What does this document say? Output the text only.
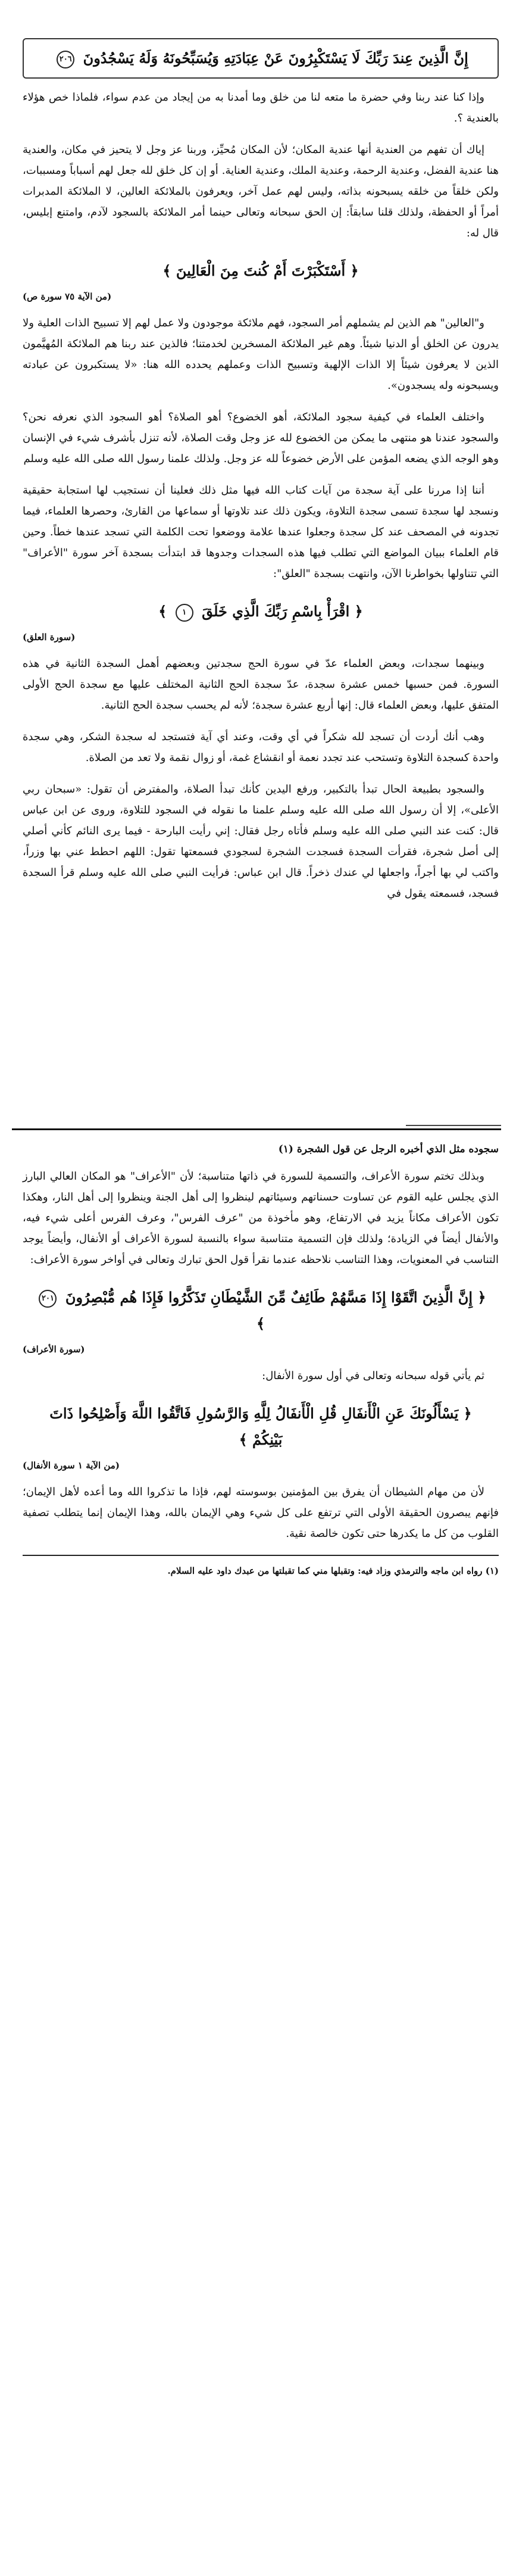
إِنَّ الَّذِينَ عِندَ رَبِّكَ لَا يَسْتَكْبِرُونَ عَنْ عِبَادَتِهِ وَيُسَبِّحُونَهُ وَلَهُ يَسْجُدُونَ ٢٠٦

وإذا كنا عند ربنا وفي حضرة ما متعه لنا من خلق وما أمدنا به من إيجاد من عدم سواء، فلماذا خص هؤلاء بالعندية ؟.

إياك أن تفهم من العندية أنها عندية المكان؛ لأن المكان مُحيِّز، وربنا عز وجل لا يتحيز في مكان، والعندية هنا عندية الفضل، وعندية الرحمة، وعندية الملك، وعندية العناية. أو إن كل خلق لله جعل لهم أسباباً ومسببات، ولكن خلقاً من خلقه يسبحونه بذاته، وليس لهم عمل آخر، ويعرفون بالملائكة العالين، لا الملائكة المدبرات أمراً أو الحفظة، ولذلك قلنا سابقاً: إن الحق سبحانه وتعالى حينما أمر الملائكة بالسجود لآدم، وامتنع إبليس، قال له:

﴿ أَسْتَكْبَرْتَ أَمْ كُنتَ مِنَ الْعَالِينَ ﴾
(من الآية ٧٥ سورة ص)

و"العالين" هم الذين لم يشملهم أمر السجود، فهم ملائكة موجودون ولا عمل لهم إلا تسبيح الذات العلية ولا يدرون عن الخلق أو الدنيا شيئاً. وهم غير الملائكة المسخرين لخدمتنا؛ فالذين عند ربنا هم الملائكة المُهيَّمون الذين لا يعرفون شيئاً إلا الذات الإلهية وتسبيح الذات وعملهم يحدده الله هنا: «لا يستكبرون عن عبادته ويسبحونه وله يسجدون».

واختلف العلماء في كيفية سجود الملائكة، أهو الخضوع؟ أهو الصلاة؟ أهو السجود الذي نعرفه نحن؟ والسجود عندنا هو منتهى ما يمكن من الخضوع لله عز وجل وقت الصلاة، لأنه تنزل بأشرف شيء في الإنسان وهو الوجه الذي يضعه المؤمن على الأرض خضوعاً لله عز وجل. ولذلك علمنا رسول الله صلى الله عليه وسلم

أننا إذا مررنا على آية سجدة من آيات كتاب الله فيها مثل ذلك فعلينا أن نستجيب لها استجابة حقيقية ونسجد لها سجدة تسمى سجدة التلاوة، ويكون ذلك عند تلاوتها أو سماعها من القارئ، وحصرها العلماء، فيما تجدونه في المصحف عند كل سجدة وجعلوا عندها علامة ووضعوا تحت الكلمة التي تسجد عندها خطاً. وحين قام العلماء ببيان المواضع التي تطلب فيها هذه السجدات وجدوها قد ابتدأت بسجدة آخر سورة "الأعراف" التي تتناولها بخواطرنا الآن، وانتهت بسجدة "العلق":

﴿ اقْرَأْ بِاسْمِ رَبِّكَ الَّذِي خَلَقَ ١ ﴾
(سورة العلق)

وبينهما سجدات، وبعض العلماء عدّ في سورة الحج سجدتين وبعضهم أهمل السجدة الثانية في هذه السورة. فمن حسبها خمس عشرة سجدة، عدّ سجدة الحج الثانية المختلف عليها مع سجدة الحج الأولى المتفق عليها، وبعض العلماء قال: إنها أربع عشرة سجدة؛ لأنه لم يحسب سجدة الحج الثانية.

وهب أنك أردت أن تسجد لله شكراً في أي وقت، وعند أي آية فتستجد له سجدة الشكر، وهي سجدة واحدة كسجدة التلاوة وتستحب عند تجدد نعمة أو انقشاع غمة، أو زوال نقمة ولا تعد من الصلاة.

والسجود بطبيعة الحال تبدأ بالتكبير، ورفع اليدين كأنك تبدأ الصلاة، والمفترض أن تقول: «سبحان ربي الأعلى»، إلا أن رسول الله صلى الله عليه وسلم علمنا ما نقوله في السجود للتلاوة، وروى عن ابن عباس قال: كنت عند النبي صلى الله عليه وسلم فأتاه رجل فقال: إني رأيت البارحة - فيما يرى النائم كأني أصلي إلى أصل شجرة، فقرأت السجدة فسجدت الشجرة لسجودي فسمعتها تقول: اللهم احطط عني بها وزراً، واكتب لي بها أجراً، واجعلها لي عندك ذخراً. قال ابن عباس: فرأيت النبي صلى الله عليه وسلم قرأ السجدة فسجد، فسمعته يقول في

سجوده مثل الذي أخبره الرجل عن قول الشجرة (١)

وبذلك تختم سورة الأعراف، والتسمية للسورة في ذاتها متناسبة؛ لأن "الأعراف" هو المكان العالي البارز الذي يجلس عليه القوم عن تساوت حسناتهم وسيئاتهم لينظروا إلى أهل الجنة وينظروا إلى أهل النار، وهكذا تكون الأعراف مكاناً يزيد في الارتفاع، وهو مأخوذة من "عرف الفرس"، وعرف الفرس أعلى شيء فيه، والأنفال أيضاً في الزيادة؛ ولذلك فإن التسمية متناسبة سواء بالنسبة لسورة الأعراف أو الأنفال، وأيضاً يوجد التناسب في المعنويات، وهذا التناسب نلاحظه عندما نقرأ قول الحق تبارك وتعالى في أواخر سورة الأعراف:

﴿ إِنَّ الَّذِينَ اتَّقَوْا إِذَا مَسَّهُمْ طَائِفٌ مِّنَ الشَّيْطَانِ تَذَكَّرُوا فَإِذَا هُم مُّبْصِرُونَ ٢٠١ ﴾
(سورة الأعراف)

ثم يأتي قوله سبحانه وتعالى في أول سورة الأنفال:

﴿ يَسْأَلُونَكَ عَنِ الْأَنفَالِ قُلِ الْأَنفَالُ لِلَّهِ وَالرَّسُولِ فَاتَّقُوا اللَّهَ وَأَصْلِحُوا ذَاتَ بَيْنِكُمْ ﴾
(من الآية ١ سورة الأنفال)

لأن من مهام الشيطان أن يفرق بين المؤمنين بوسوسته لهم، فإذا ما تذكروا الله وما أعده لأهل الإيمان؛ فإنهم يبصرون الحقيقة الأولى التي ترتفع على كل شيء وهي الإيمان بالله، وهذا الإيمان إنما يتطلب تصفية القلوب من كل ما يكدرها حتى تكون خالصة نقية.

(١) رواه ابن ماجه والترمذي وزاد فيه: وتقبلها مني كما تقبلتها من عبدك داود عليه السلام.
